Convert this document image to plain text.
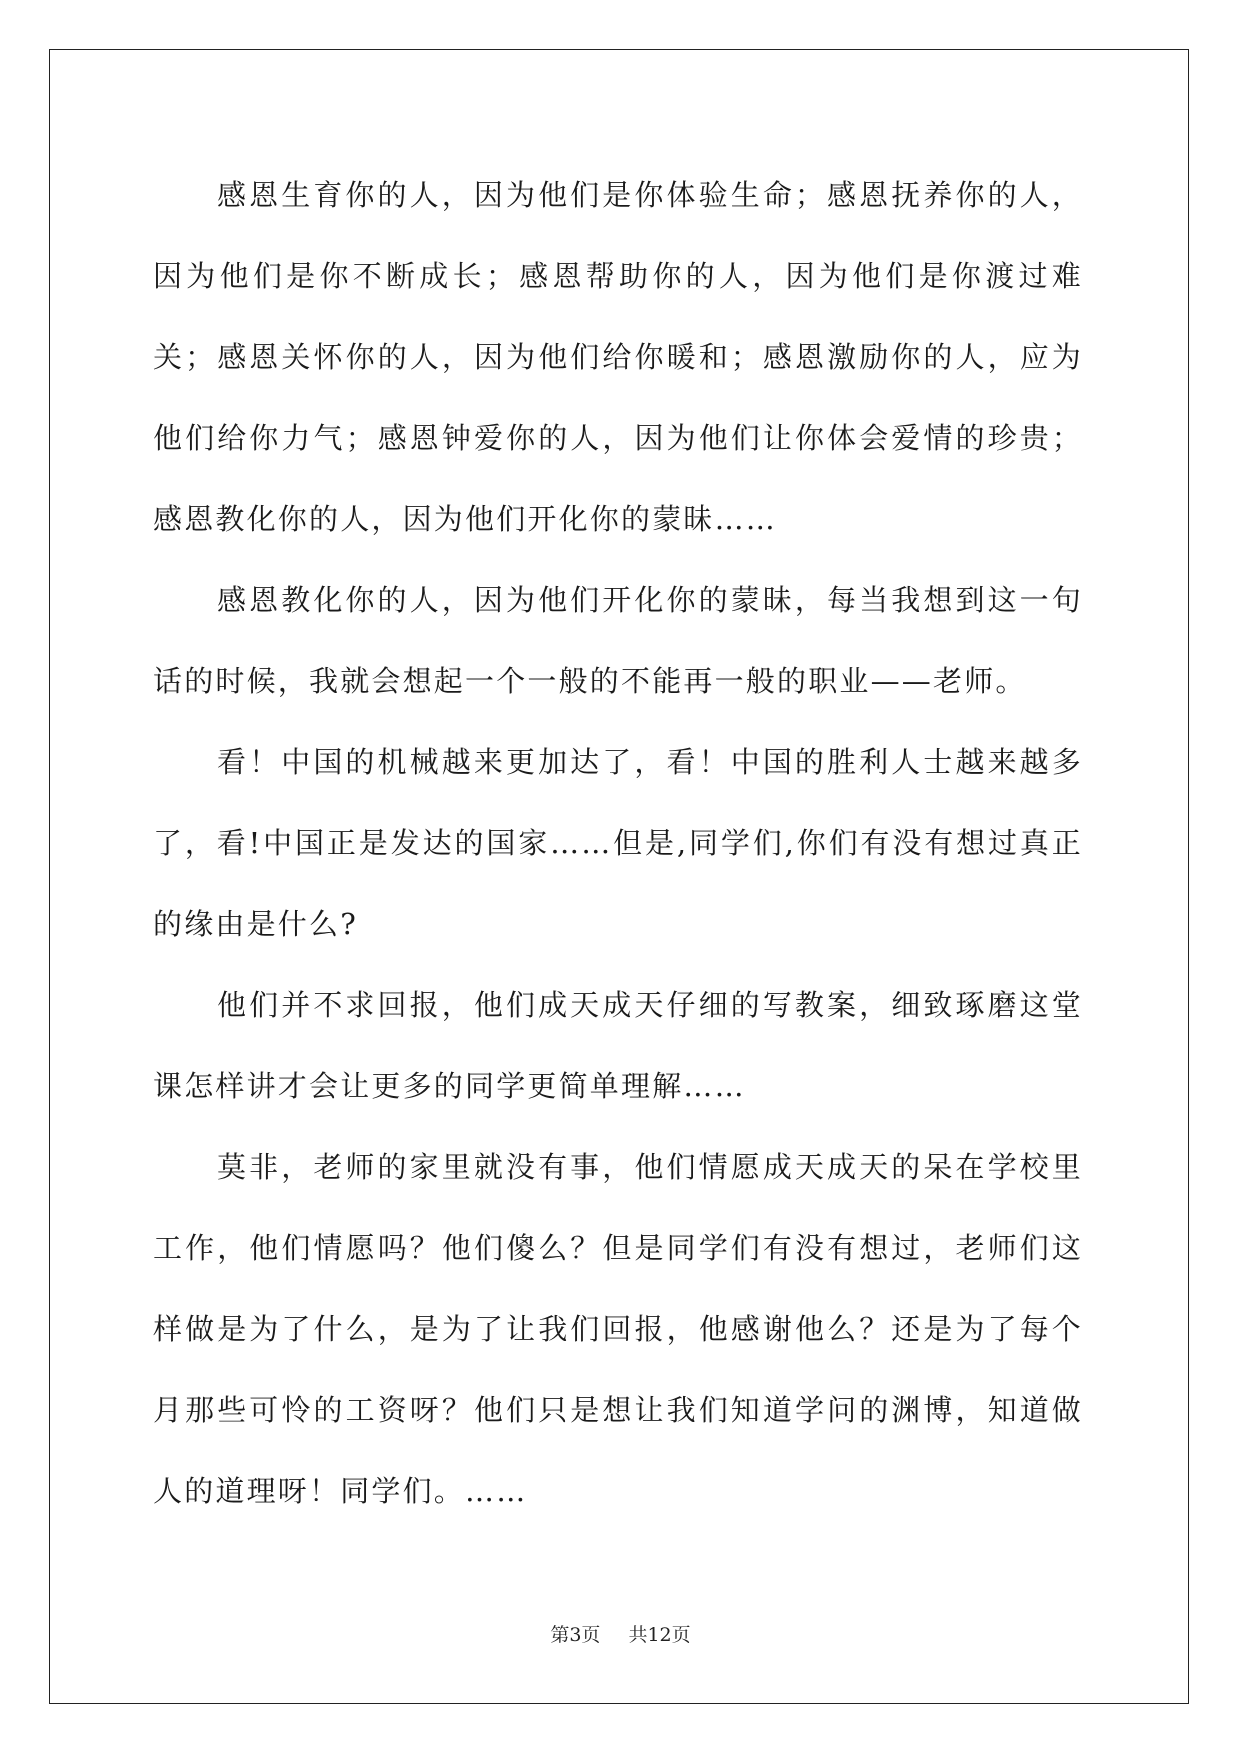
感恩生育你的人，因为他们是你体验生命；感恩抚养你的人，因为他们是你不断成长；感恩帮助你的人，因为他们是你渡过难关；感恩关怀你的人，因为他们给你暖和；感恩激励你的人，应为他们给你力气；感恩钟爱你的人，因为他们让你体会爱情的珍贵；感恩教化你的人，因为他们开化你的蒙昧……

感恩教化你的人，因为他们开化你的蒙昧，每当我想到这一句话的时候，我就会想起一个一般的不能再一般的职业——老师。

看！中国的机械越来更加达了，看！中国的胜利人士越来越多了，看!中国正是发达的国家……但是,同学们,你们有没有想过真正的缘由是什么?

他们并不求回报，他们成天成天仔细的写教案，细致琢磨这堂课怎样讲才会让更多的同学更简单理解……

莫非，老师的家里就没有事，他们情愿成天成天的呆在学校里工作，他们情愿吗？他们傻么？但是同学们有没有想过，老师们这样做是为了什么，是为了让我们回报，他感谢他么？还是为了每个月那些可怜的工资呀？他们只是想让我们知道学问的渊博，知道做人的道理呀！同学们。……

第3页 共12页
